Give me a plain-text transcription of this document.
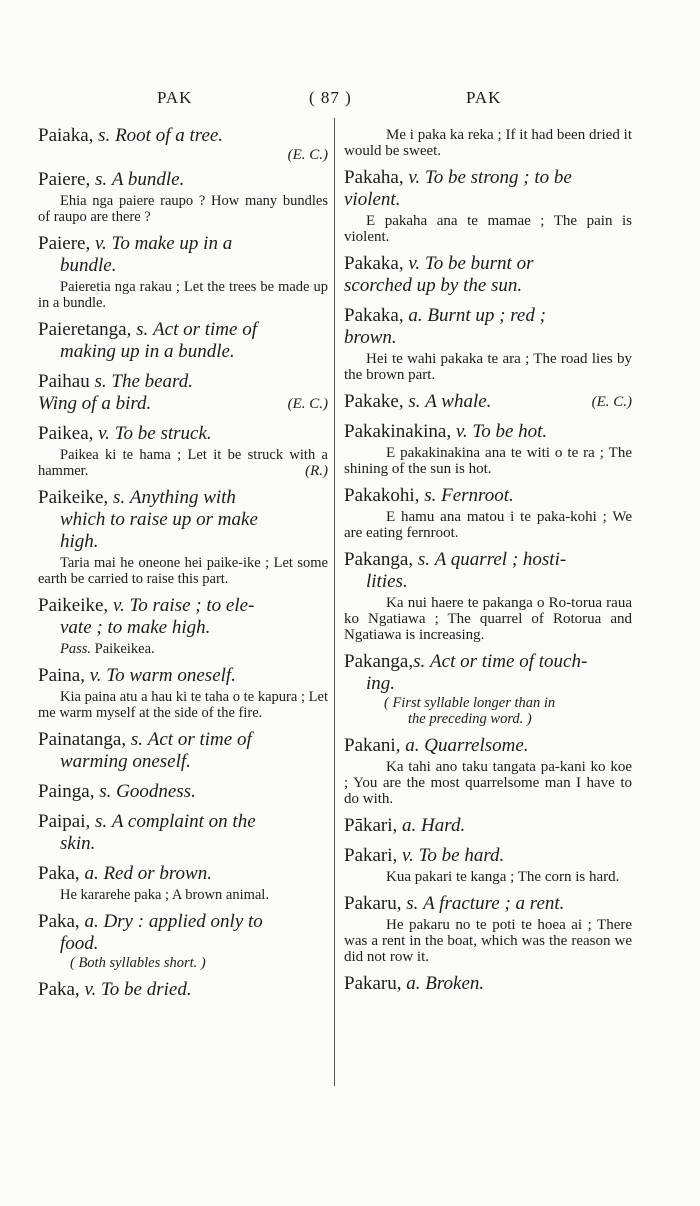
PAK	( 87 )	PAK
Paiaka, s. Root of a tree.
(E. C.)
Paiere, s. A bundle.
Ehia nga paiere raupo ? How many bundles of raupo are there ?
Paiere, v. To make up in a
bundle.
Paieretia nga rakau ; Let the trees be made up in a bundle.
Paieretanga, s. Act or time of
making up in a bundle.
Paihau s. The beard.
Wing of a bird.	(E. C.)
Paikea, v. To be struck.
Paikea ki te hama ; Let it be struck with a hammer.	(R.)
Paikeike, s. Anything with
which to raise up or make
high.
Taria mai he oneone hei paike-ike ; Let some earth be carried to raise this part.
Paikeike, v. To raise ; to ele-
vate ; to make high.
Pass. Paikeikea.
Paina, v. To warm oneself.
Kia paina atu a hau ki te taha o te kapura ; Let me warm myself at the side of the fire.
Painatanga, s. Act or time of
warming oneself.
Painga, s. Goodness.
Paipai, s. A complaint on the
skin.
Paka, a. Red or brown.
He kararehe paka ; A brown animal.
Paka, a. Dry : applied only to
food.
( Both syllables short. )
Paka, v. To be dried.
Me i paka ka reka ; If it had been dried it would be sweet.
Pakaha, v. To be strong ; to be
violent.
E pakaha ana te mamae ; The pain is violent.
Pakaka, v. To be burnt or
scorched up by the sun.
Pakaka, a. Burnt up ; red ;
brown.
Hei te wahi pakaka te ara ; The road lies by the brown part.
Pakake, s. A whale.	(E. C.)
Pakakinakina, v. To be hot.
E pakakinakina ana te witi o te ra ; The shining of the sun is hot.
Pakakohi, s. Fernroot.
E hamu ana matou i te paka-kohi ; We are eating fernroot.
Pakanga, s. A quarrel ; hosti-
lities.
Ka nui haere te pakanga o Ro-torua raua ko Ngatiawa ; The quarrel of Rotorua and Ngatiawa is increasing.
Pakanga,s. Act or time of touch-
ing.
( First syllable longer than in
the preceding word. )
Pakani, a. Quarrelsome.
Ka tahi ano taku tangata pa-kani ko koe ; You are the most quarrelsome man I have to do with.
Pākari, a. Hard.
Pakari, v. To be hard.
Kua pakari te kanga ; The corn is hard.
Pakaru, s. A fracture ; a rent.
He pakaru no te poti te hoea ai ; There was a rent in the boat, which was the reason we did not row it.
Pakaru, a. Broken.
